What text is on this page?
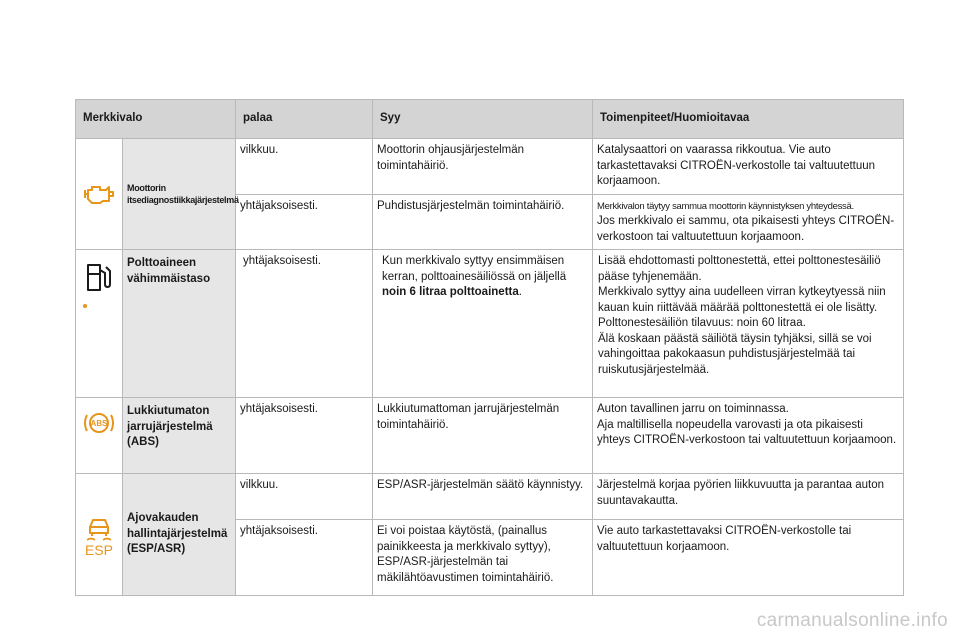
Merkkivalo		palaa	Syy	Toimenpiteet/Huomioitavaa

	Moottorin itsediagnostiikkajärjestelmä	vilkkuu.	Moottorin ohjausjärjestelmän toimintahäiriö.	Katalysaattori on vaarassa rikkoutua. Vie auto tarkastettavaksi CITROËN-verkostolle tai valtuutettuun korjaamoon.
		yhtäjaksoisesti.	Puhdistusjärjestelmän toimintahäiriö.	Merkkivalon täytyy sammua moottorin käynnistyksen yhteydessä.
Jos merkkivalo ei sammu, ota pikaisesti yhteys CITROËN-verkostoon tai valtuutettuun korjaamoon.

	Polttoaineen vähimmäistaso	yhtäjaksoisesti.	Kun merkkivalo syttyy ensimmäisen kerran, polttoainesäiliössä on jäljellä noin 6 litraa polttoainetta.	Lisää ehdottomasti polttonestettä, ettei polttonestesäiliö pääse tyhjenemään.
Merkkivalo syttyy aina uudelleen virran kytkeytyessä niin kauan kuin riittävää määrää polttonestettä ei ole lisätty.
Polttonestesäiliön tilavuus: noin 60 litraa.
Älä koskaan päästä säiliötä täysin tyhjäksi, sillä se voi vahingoittaa pakokaasun puhdistusjärjestelmää tai ruiskutusjärjestelmää.

ABS	Lukkiutumaton jarrujärjestelmä (ABS)	yhtäjaksoisesti.	Lukkiutumattoman jarrujärjestelmän toimintahäiriö.	Auton tavallinen jarru on toiminnassa.
Aja maltillisella nopeudella varovasti ja ota pikaisesti yhteys CITROËN-verkostoon tai valtuutettuun korjaamoon.

ESP	Ajovakauden hallintajärjestelmä (ESP/ASR)	vilkkuu.	ESP/ASR-järjestelmän säätö käynnistyy.	Järjestelmä korjaa pyörien liikkuvuutta ja parantaa auton suuntavakautta.
		yhtäjaksoisesti.	Ei voi poistaa käytöstä, (painallus painikkeesta ja merkkivalo syttyy), ESP/ASR-järjestelmän tai mäkilähtöavustimen toimintahäiriö.	Vie auto tarkastettavaksi CITROËN-verkostolle tai valtuutettuun korjaamoon.
carmanualsonline.info
